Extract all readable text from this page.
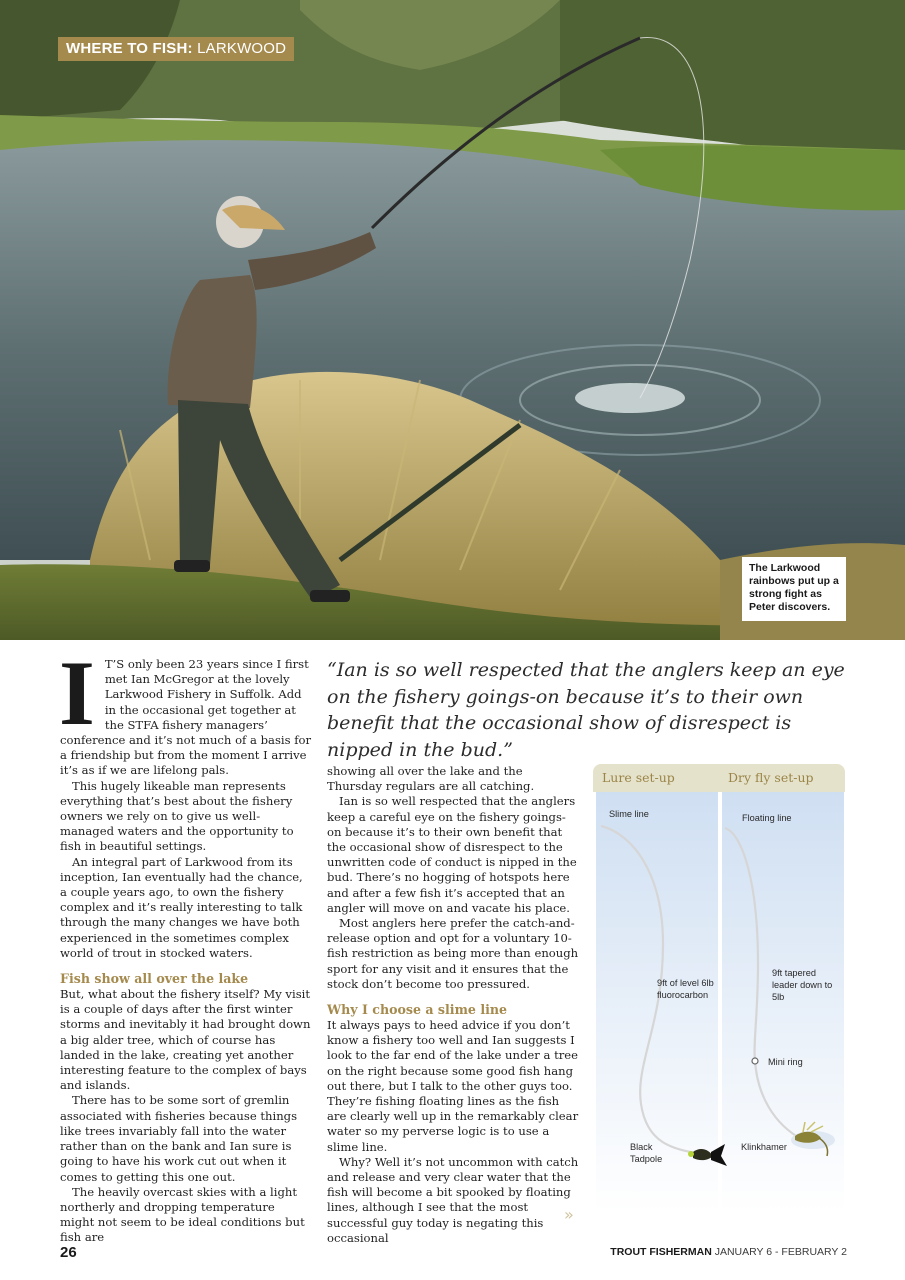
WHERE TO FISH: LARKWOOD
The Larkwood rainbows put up a strong fight as Peter discovers.
I T’S only been 23 years since I first met Ian McGregor at the lovely Larkwood Fishery in Suffolk. Add in the occasional get together at the STFA fishery managers’ conference and it’s not much of a basis for a friendship but from the moment I arrive it’s as if we are lifelong pals.

This hugely likeable man represents everything that’s best about the fishery owners we rely on to give us well-managed waters and the opportunity to fish in beautiful settings.

An integral part of Larkwood from its inception, Ian eventually had the chance, a couple years ago, to own the fishery complex and it’s really interesting to talk through the many changes we have both experienced in the sometimes complex world of trout in stocked waters.

Fish show all over the lake

But, what about the fishery itself? My visit is a couple of days after the first winter storms and inevitably it had brought down a big alder tree, which of course has landed in the lake, creating yet another interesting feature to the complex of bays and islands.

There has to be some sort of gremlin associated with fisheries because things like trees invariably fall into the water rather than on the bank and Ian sure is going to have his work cut out when it comes to getting this one out.

The heavily overcast skies with a light northerly and dropping temperature might not seem to be ideal conditions but fish are

“Ian is so well respected that the anglers keep an eye on the fishery goings-on because it’s to their own benefit that the occasional show of disrespect is nipped in the bud.”

showing all over the lake and the Thursday regulars are all catching.

Ian is so well respected that the anglers keep a careful eye on the fishery goings-on because it’s to their own benefit that the occasional show of disrespect to the unwritten code of conduct is nipped in the bud. There’s no hogging of hotspots here and after a few fish it’s accepted that an angler will move on and vacate his place.

Most anglers here prefer the catch-and-release option and opt for a voluntary 10-fish restriction as being more than enough sport for any visit and it ensures that the stock don’t become too pressured.

Why I choose a slime line

It always pays to heed advice if you don’t know a fishery too well and Ian suggests I look to the far end of the lake under a tree on the right because some good fish hang out there, but I talk to the other guys too. They’re fishing floating lines as the fish are clearly well up in the remarkably clear water so my perverse logic is to use a slime line.

Why? Well it’s not uncommon with catch and release and very clear water that the fish will become a bit spooked by floating lines, although I see that the most successful guy today is negating this occasional

»
Lure set-up	Dry fly set-up
Slime line
9ft of level 6lb fluorocarbon
Black Tadpole
Floating line
9ft tapered leader down to 5lb
Mini ring
Klinkhamer
26	TROUT FISHERMAN JANUARY 6 - FEBRUARY 2
